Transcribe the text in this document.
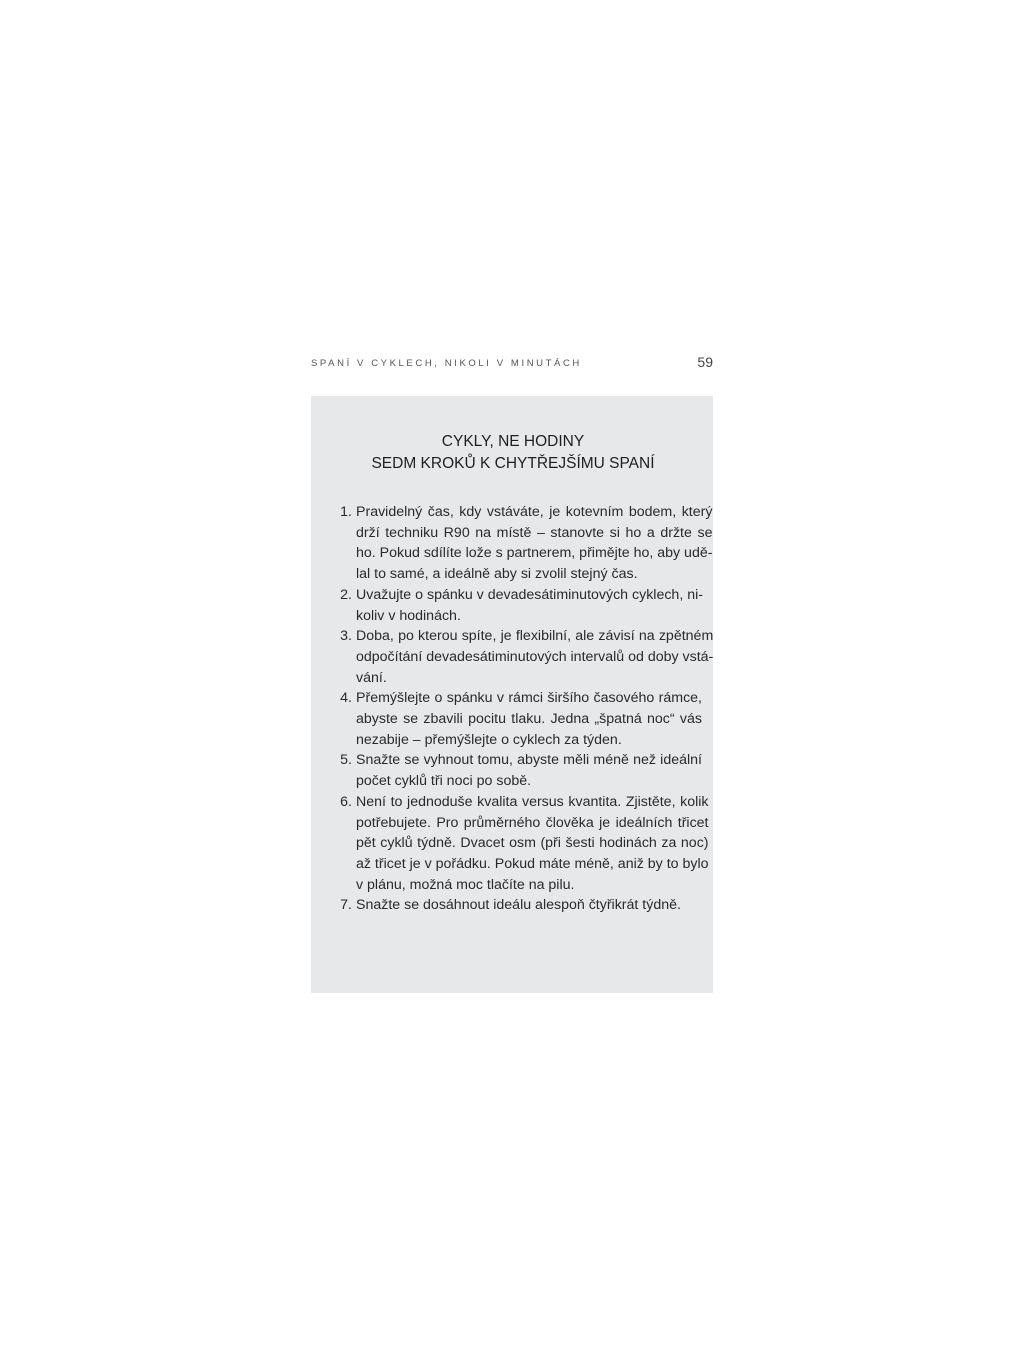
SPANÍ V CYKLECH, NIKOLI V MINUTÁCH	59
CYKLY, NE HODINY
SEDM KROKŮ K CHYTŘEJŠÍMU SPANÍ
1. Pravidelný čas, kdy vstáváte, je kotevním bodem, který
drží techniku R90 na místě – stanovte si ho a držte se
ho. Pokud sdílíte lože s partnerem, přimějte ho, aby udě-
lal to samé, a ideálně aby si zvolil stejný čas.
2. Uvažujte o spánku v devadesátiminutových cyklech, ni-
koliv v hodinách.
3. Doba, po kterou spíte, je flexibilní, ale závisí na zpětném
odpočítání devadesátiminutových intervalů od doby vstá-
vání.
4. Přemýšlejte o spánku v rámci širšího časového rámce,
abyste se zbavili pocitu tlaku. Jedna „špatná noc“ vás
nezabije – přemýšlejte o cyklech za týden.
5. Snažte se vyhnout tomu, abyste měli méně než ideální
počet cyklů tři noci po sobě.
6. Není to jednoduše kvalita versus kvantita. Zjistěte, kolik
potřebujete. Pro průměrného člověka je ideálních třicet
pět cyklů týdně. Dvacet osm (při šesti hodinách za noc)
až třicet je v pořádku. Pokud máte méně, aniž by to bylo
v plánu, možná moc tlačíte na pilu.
7. Snažte se dosáhnout ideálu alespoň čtyřikrát týdně.
